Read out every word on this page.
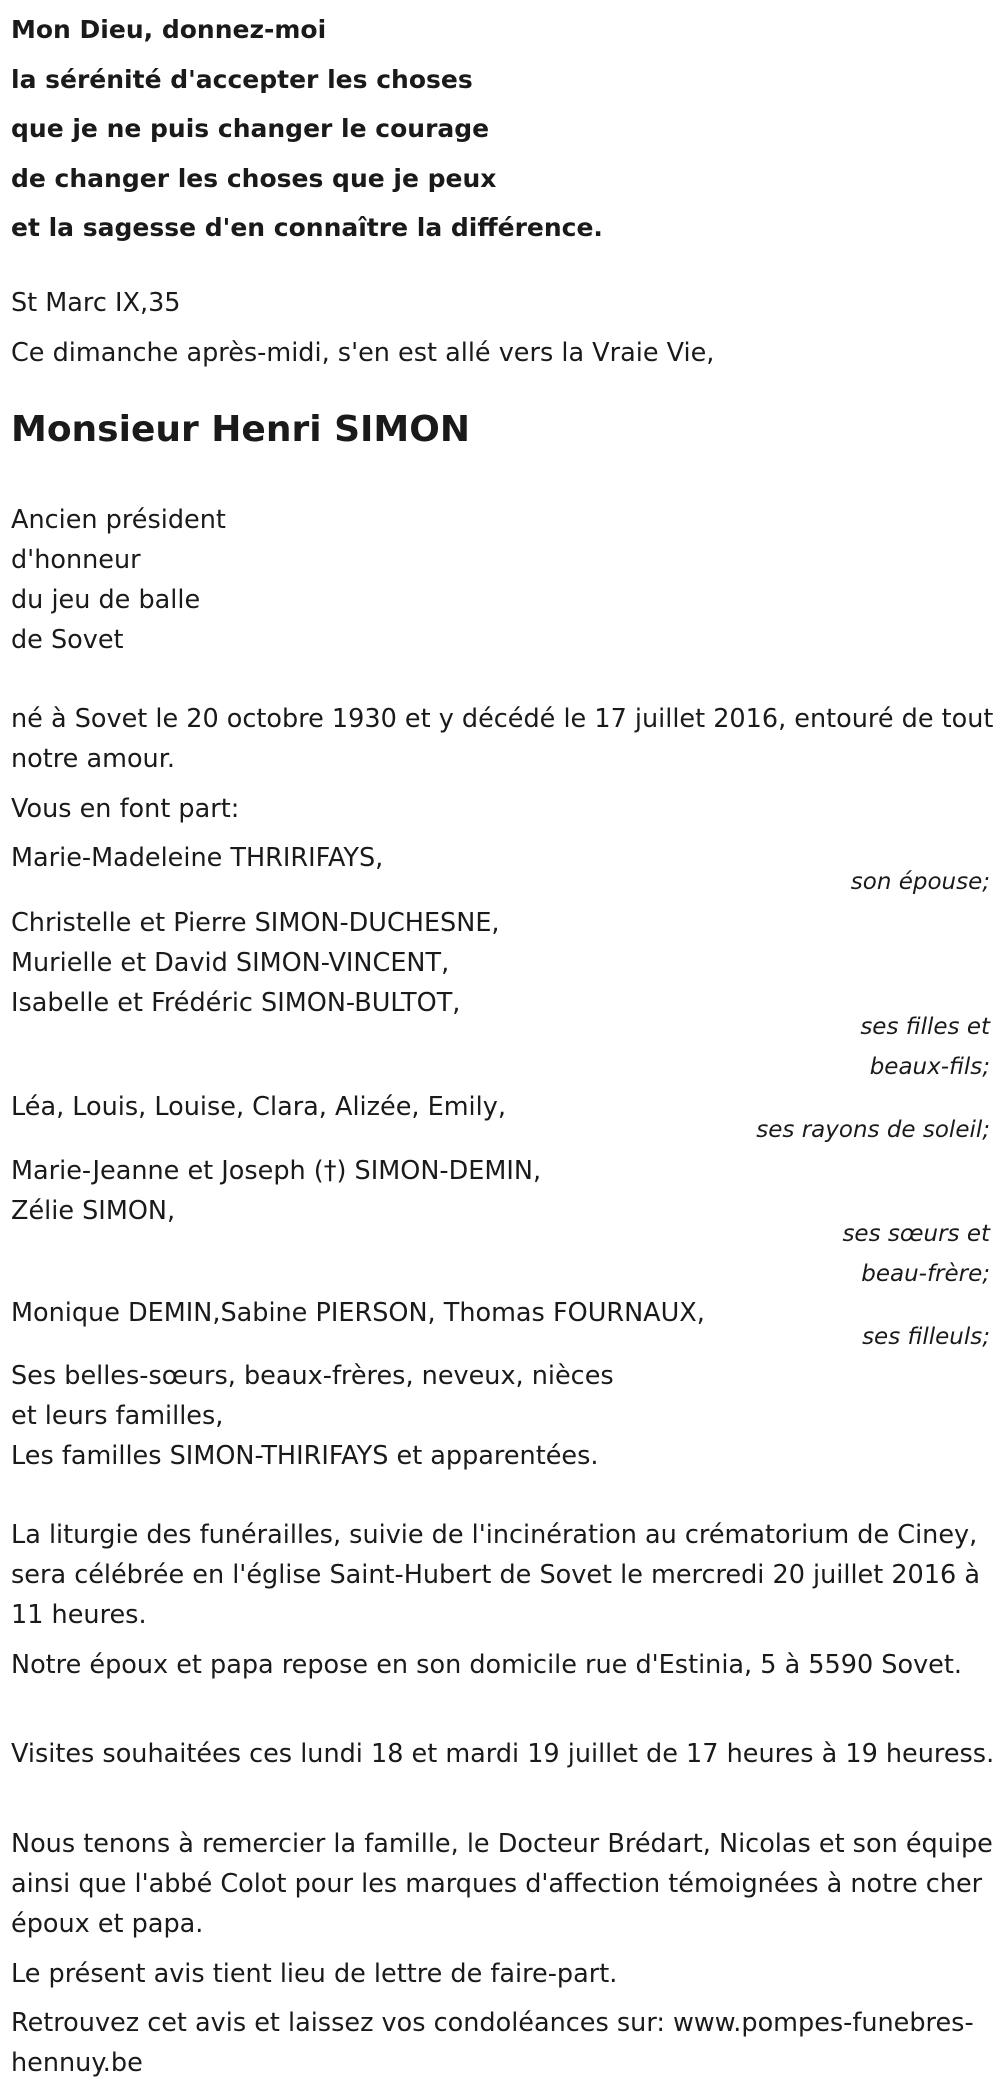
Mon Dieu, donnez-moi
la sérénité d'accepter les choses
que je ne puis changer le courage
de changer les choses que je peux
et la sagesse d'en connaître la différence.
St Marc IX,35
Ce dimanche après-midi, s'en est allé vers la Vraie Vie,
Monsieur Henri SIMON
Ancien président
d'honneur
du jeu de balle
de Sovet
né à Sovet le 20 octobre 1930 et y décédé le 17 juillet 2016, entouré de tout notre amour.
Vous en font part:
Marie-Madeleine THRIRIFAYS,
son épouse;
Christelle et Pierre SIMON-DUCHESNE,
Murielle et David SIMON-VINCENT,
Isabelle et Frédéric SIMON-BULTOT,
ses filles et
beaux-fils;
Léa, Louis, Louise, Clara, Alizée, Emily,
ses rayons de soleil;
Marie-Jeanne et Joseph (†) SIMON-DEMIN,
Zélie SIMON,
ses sœurs et
beau-frère;
Monique DEMIN,Sabine PIERSON, Thomas FOURNAUX,
ses filleuls;
Ses belles-sœurs, beaux-frères, neveux, nièces
et leurs familles,
Les familles SIMON-THIRIFAYS et apparentées.
La liturgie des funérailles, suivie de l'incinération au crématorium de Ciney, sera célébrée en l'église Saint-Hubert de Sovet le mercredi 20 juillet 2016 à 11 heures.
Notre époux et papa repose en son domicile rue d'Estinia, 5 à 5590 Sovet.
Visites souhaitées ces lundi 18 et mardi 19 juillet de 17 heures à 19 heuress.
Nous tenons à remercier la famille, le Docteur Brédart, Nicolas et son équipe ainsi que l'abbé Colot pour les marques d'affection témoignées à notre cher époux et papa.
Le présent avis tient lieu de lettre de faire-part.
Retrouvez cet avis et laissez vos condoléances sur: www.pompes-funebres-hennuy.be
